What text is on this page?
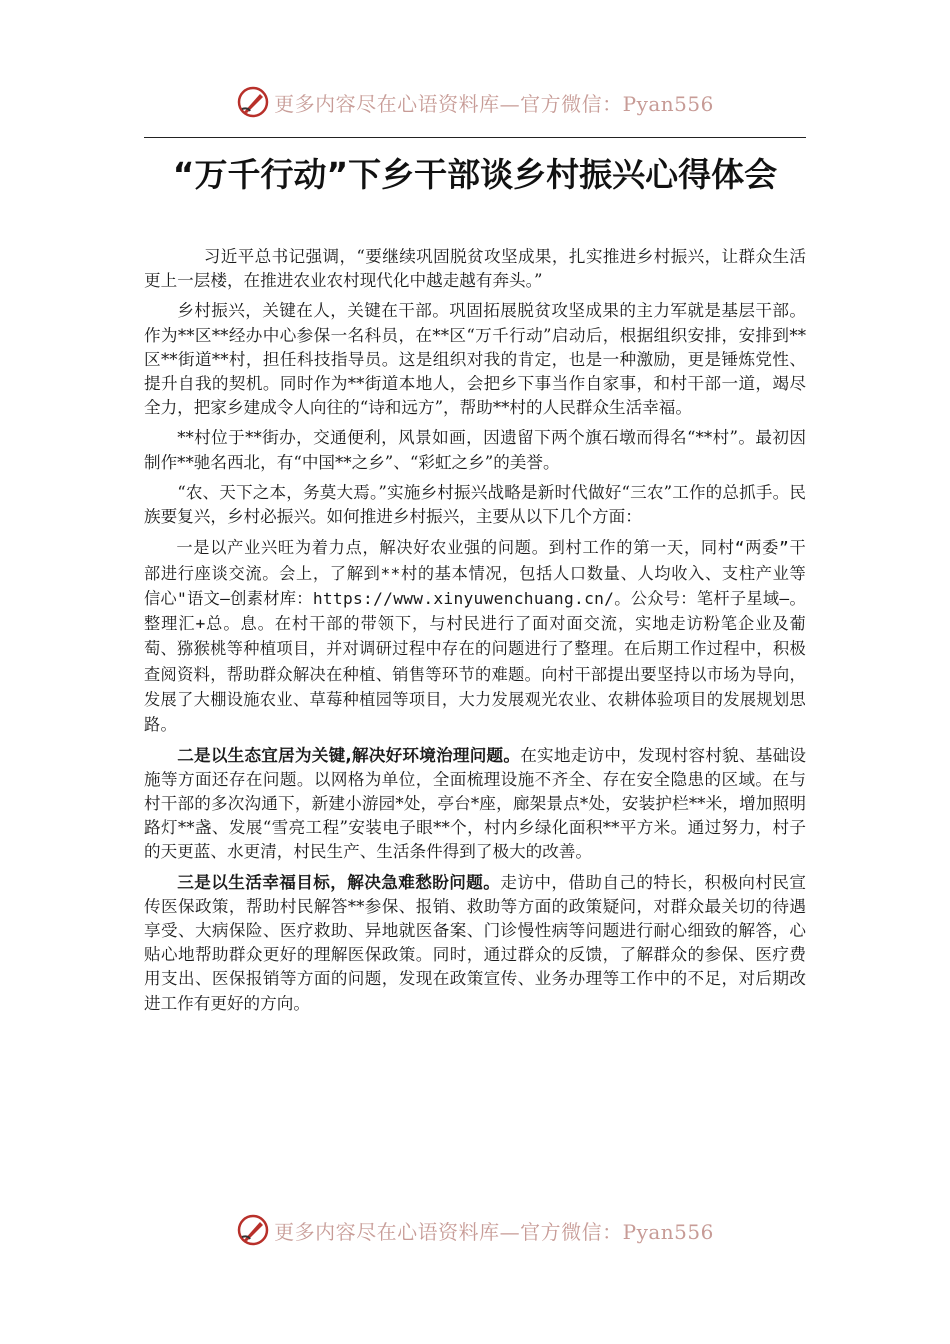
更多内容尽在心语资料库—官方微信：Pyan556
“万千行动”下乡干部谈乡村振兴心得体会

习近平总书记强调，“要继续巩固脱贫攻坚成果，扎实推进乡村振兴，让群众生活更上一层楼，在推进农业农村现代化中越走越有奔头。”

乡村振兴，关键在人，关键在干部。巩固拓展脱贫攻坚成果的主力军就是基层干部。作为**区**经办中心参保一名科员，在**区“万千行动”启动后，根据组织安排，安排到**区**街道**村，担任科技指导员。这是组织对我的肯定，也是一种激励，更是锤炼党性、提升自我的契机。同时作为**街道本地人，会把乡下事当作自家事，和村干部一道，竭尽全力，把家乡建成令人向往的“诗和远方”，帮助**村的人民群众生活幸福。

**村位于**街办，交通便利，风景如画，因遗留下两个旗石墩而得名“**村”。最初因制作**驰名西北，有“中国**之乡”、“彩虹之乡”的美誉。

“农、天下之本，务莫大焉。”实施乡村振兴战略是新时代做好“三农”工作的总抓手。民族要复兴，乡村必振兴。如何推进乡村振兴，主要从以下几个方面：

一是以产业兴旺为着力点，解决好农业强的问题。到村工作的第一天，同村“两委”干部进行座谈交流。会上，了解到**村的基本情况，包括人口数量、人均收入、支柱产业等信心"语文—创素材库：https://www.xinyuwenchuang.cn/。公众号：笔杆子星域—。整理汇+总。息。在村干部的带领下，与村民进行了面对面交流，实地走访粉笔企业及葡萄、猕猴桃等种植项目，并对调研过程中存在的问题进行了整理。在后期工作过程中，积极查阅资料，帮助群众解决在种植、销售等环节的难题。向村干部提出要坚持以市场为导向，发展了大棚设施农业、草莓种植园等项目，大力发展观光农业、农耕体验项目的发展规划思路。

二是以生态宜居为关键,解决好环境治理问题。在实地走访中，发现村容村貌、基础设施等方面还存在问题。以网格为单位，全面梳理设施不齐全、存在安全隐患的区域。在与村干部的多次沟通下，新建小游园*处，亭台*座，廊架景点*处，安装护栏**米，增加照明路灯**盏、发展“雪亮工程”安装电子眼**个，村内乡绿化面积**平方米。通过努力，村子的天更蓝、水更清，村民生产、生活条件得到了极大的改善。

三是以生活幸福目标，解决急难愁盼问题。走访中，借助自己的特长，积极向村民宣传医保政策，帮助村民解答**参保、报销、救助等方面的政策疑问，对群众最关切的待遇享受、大病保险、医疗救助、异地就医备案、门诊慢性病等问题进行耐心细致的解答，心贴心地帮助群众更好的理解医保政策。同时，通过群众的反馈，了解群众的参保、医疗费用支出、医保报销等方面的问题，发现在政策宣传、业务办理等工作中的不足，对后期改进工作有更好的方向。

更多内容尽在心语资料库—官方微信：Pyan556
